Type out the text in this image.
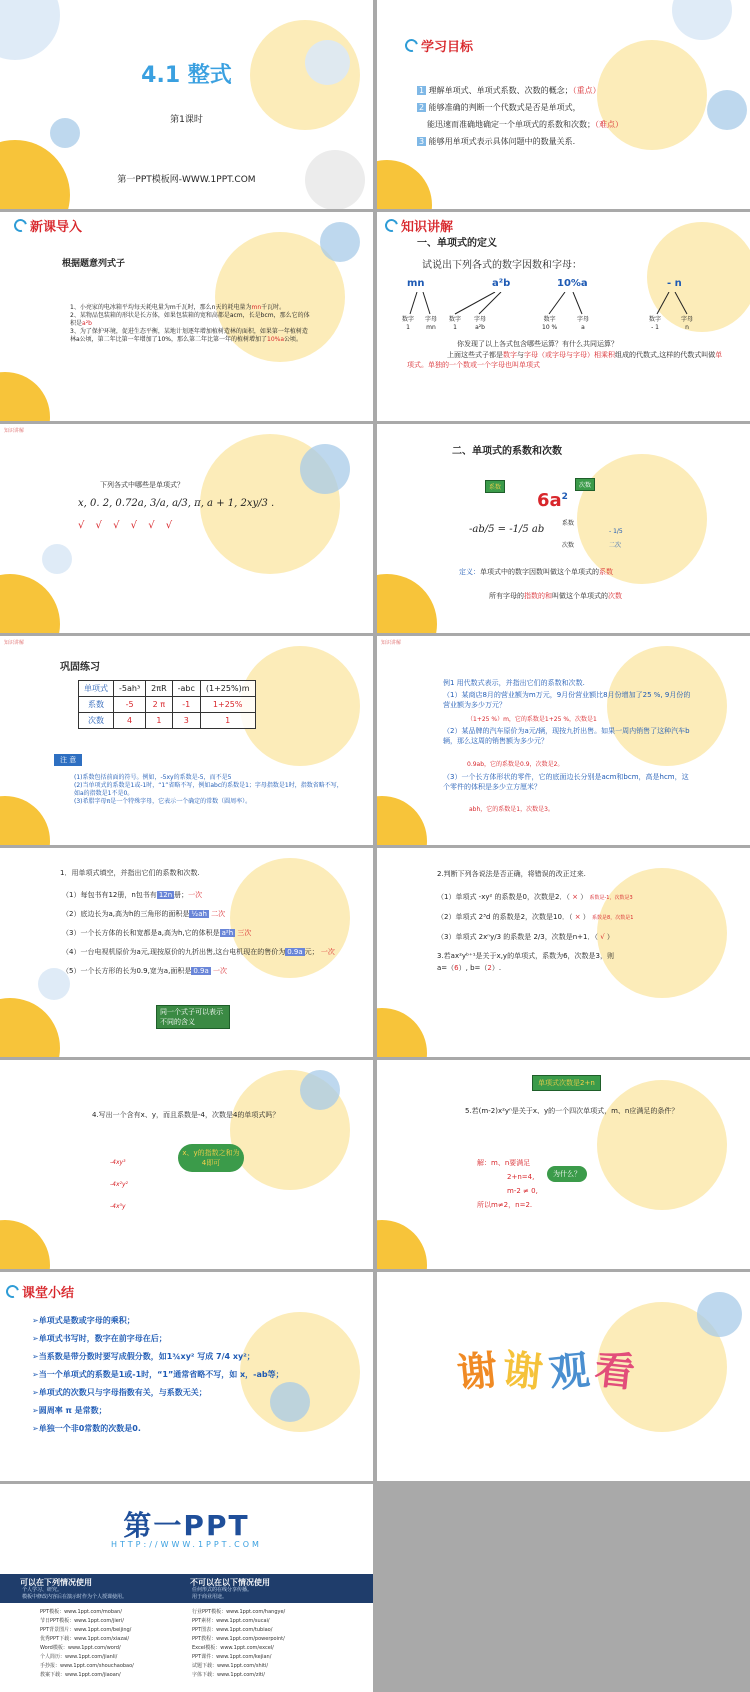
4.1 整式
第1课时
第一PPT模板网-WWW.1PPT.COM
学习目标
1 理解单项式、单项式系数、次数的概念；（重点）
2 能够准确的判断一个代数式是否是单项式，
能迅速而准确地确定一个单项式的系数和次数；（难点）
3 能够用单项式表示具体问题中的数量关系.
新课导入
根据题意列式子
1、小亮家的电冰箱平均每天耗电量为m千瓦时，那么n天的耗电量为mn千瓦时。
2、某物品包装箱的形状是长方体，如果包装箱的宽和高都是acm，长是bcm，那么它的体积是a²b
3、为了保护环境，促进生态平衡，某地计划逐年增加植树造林的面积，如果第一年植树造林a公顷，第二年比第一年增加了10%，那么第二年比第一年的植树增加了10%a公顷。
知识讲解
一、单项式的定义
试说出下列各式的数字因数和字母：
mn	a²b	10%a	- n
数字
1
字母
mn
数字
1
字母
a²b
数字
10 %
字母
a
数字
- 1
字母
n
你发现了以上各式包含哪些运算？有什么共同运算？
上面这些式子都是数字与字母（或字母与字母）相乘积组成的代数式,这样的代数式叫做单项式。单独的一个数或一个字母也叫单项式
知识讲解
下列各式中哪些是单项式？
x, 0. 2, 0.72a, 3/a, a/3, π, a + 1, 2xy/3 .
√ √ √ √ √ √
二、单项式的系数和次数
系数	次数
$6a^2$
-ab/5 = -1/5 ab
系数
次数
- 1/5
二次
定义：单项式中的数字因数叫做这个单项式的系数
所有字母的指数的和叫做这个单项式的次数
知识讲解
巩固练习
单项式	-5ah³	2πR	-abc	(1+25%)m
系数	-5	2 π	-1	1+25%
次数	4	1	3	1
注 意
(1)系数包括前面的符号。例如，-5xy的系数是-5，而不是5
(2)当单项式的系数是1或-1时，“1”省略不写，例如abc的系数是1；字母指数是1时，指数省略不写，如a的指数是1不是0。
(3)希腊字母π是一个特殊字母，它表示一个确定的常数（圆周率）。
知识讲解
例1 用代数式表示，并指出它们的系数和次数.
（1）某商店8月的营业额为m万元，9月份营业额比8月份增加了25 %, 9月份的营业额为多少万元？
（1+25 %）m，它的系数是1+25 %，次数是1
（2）某品牌的汽车原价为a元/辆，现按九折出售。如果一周内销售了这种汽车b辆，那么这周的销售额为多少元？
0.9ab，它的系数是0.9，次数是2。
（3）一个长方体形状的零件，它的底面边长分别是acm和bcm，高是hcm，这个零件的体积是多少立方厘米？
abh，它的系数是1，次数是3。
1．用单项式填空，并指出它们的系数和次数.
（1）每包书有12册，n包书有 12n 册；一次
（2）底边长为a,高为h的三角形的面积是 ½ah 二次
（3）一个长方体的长和宽都是a,高为h,它的体积是 a²h 三次
（4）一台电视机原价为a元,现按原价的九折出售,这台电机现在的售价为 0.9a 元； 一次
（5）一个长方形的长为0.9,宽为a,面积是 0.9a 一次
同一个式子可以表示不同的含义
2.判断下列各说法是否正确，将错误的改正过来.
（1）单项式 -xy² 的系数是0，次数是2．（ × ） 系数是-1，次数是3
（2）单项式 2³d 的系数是2，次数是10．（ × ） 系数是8，次数是1
（3）单项式 2xⁿy/3 的系数是 2/3，次数是n+1．（ √ ）
3.若ax²yᵇ⁺¹是关于x,y的单项式，系数为6，次数是3，则
a=（6）, b=（2）.
4.写出一个含有x、y，而且系数是-4，次数是4的单项式吗？
-4xy³
-4x²y²
-4x³y
x、y的指数之和为4即可
单项式次数是2+n
5.若(m-2)x²yⁿ是关于x、y的一个四次单项式，m、n应满足的条件？
解：m、n要满足
2+n=4,
m-2 ≠ 0,
所以m≠2，n=2.
为什么？
课堂小结
➢单项式是数或字母的乘积；
➢单项式书写时，数字在前字母在后；
➢当系数是带分数时要写成假分数，如1¾xy² 写成 7/4 xy²；
➢当一个单项式的系数是1或-1时，“1”通常省略不写，如 x，-ab等；
➢单项式的次数只与字母指数有关，与系数无关；
➢圆周率 π 是常数；
➢单独一个非0常数的次数是0.
谢谢观看
第一PPT
HTTP://WWW.1PPT.COM
可以在下列情况使用
个人学习、研究。
模板中修改内容后在演示时作为个人授课使用。
不可以在以下情况使用
任何形式的在线分享传播。
用于商业用途。
PPT模板：www.1ppt.com/moban/
节日PPT模板：www.1ppt.com/jieri/
PPT背景图片：www.1ppt.com/beijing/
优秀PPT下载：www.1ppt.com/xiazai/
Word模板：www.1ppt.com/word/
个人简历：www.1ppt.com/jianli/
手抄报：www.1ppt.com/shouchaobao/
教案下载：www.1ppt.com/jiaoan/
行业PPT模板：www.1ppt.com/hangye/
PPT素材：www.1ppt.com/sucai/
PPT图表：www.1ppt.com/tubiao/
PPT教程：www.1ppt.com/powerpoint/
Excel模板：www.1ppt.com/excel/
PPT课件：www.1ppt.com/kejian/
试题下载：www.1ppt.com/shiti/
字体下载：www.1ppt.com/ziti/
